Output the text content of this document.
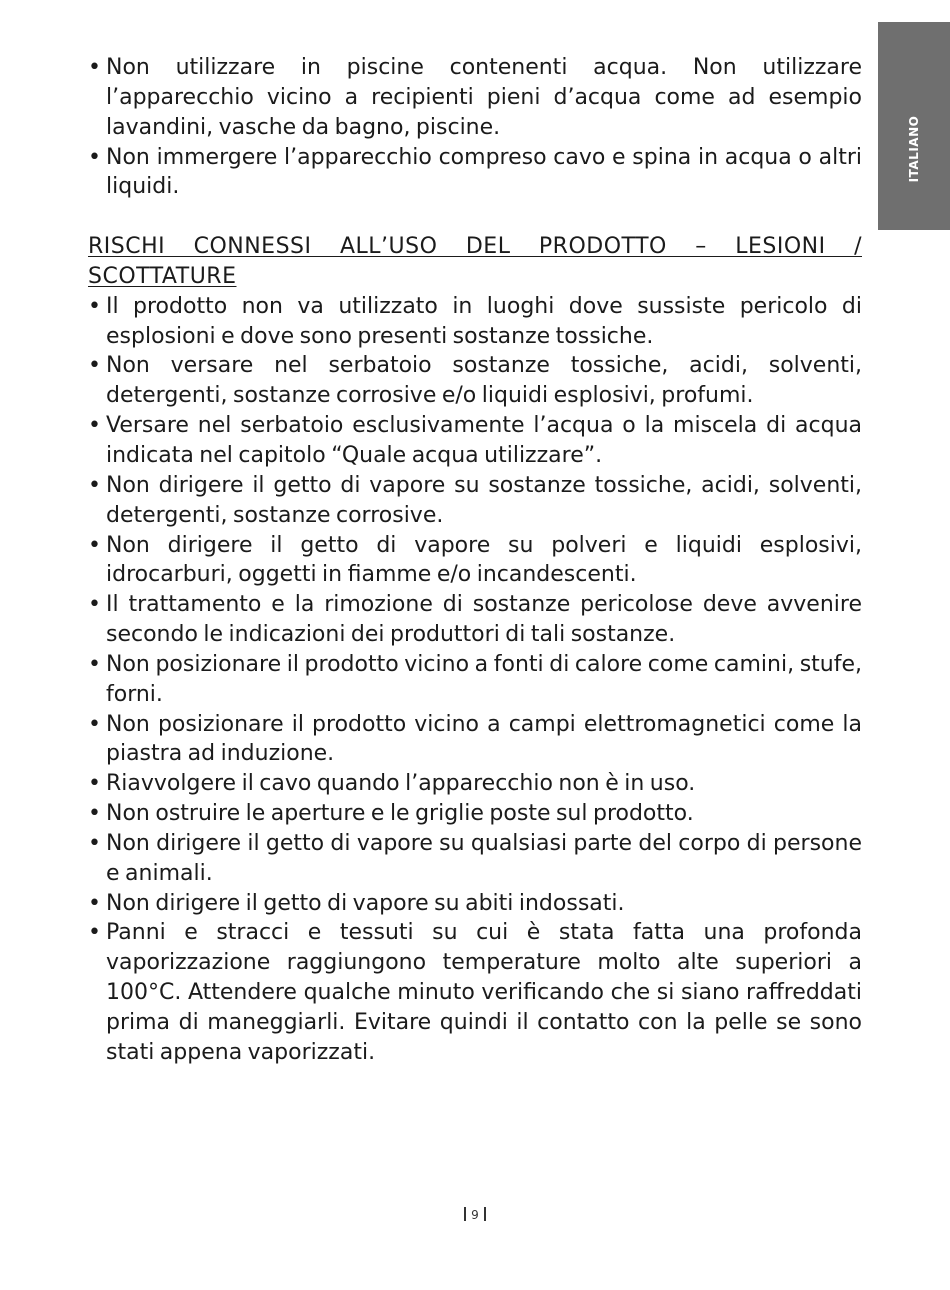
ITALIANO
• Non utilizzare in piscine contenenti acqua. Non utilizzare l’apparecchio vicino a recipienti pieni d’acqua come ad esempio lavandini, vasche da bagno, piscine.
• Non immergere l’apparecchio compreso cavo e spina in acqua o altri liquidi.
RISCHI CONNESSI ALL’USO DEL PRODOTTO – LESIONI / SCOTTATURE
• Il prodotto non va utilizzato in luoghi dove sussiste pericolo di esplosioni e dove sono presenti sostanze tossiche.
• Non versare nel serbatoio sostanze tossiche, acidi, solventi, detergenti, sostanze corrosive e/o liquidi esplosivi, profumi.
• Versare nel serbatoio esclusivamente l’acqua o la miscela di acqua indicata nel capitolo “Quale acqua utilizzare”.
• Non dirigere il getto di vapore su sostanze tossiche, acidi, solventi, detergenti, sostanze corrosive.
• Non dirigere il getto di vapore su polveri e liquidi esplosivi, idrocarburi, oggetti in fiamme e/o incandescenti.
• Il trattamento e la rimozione di sostanze pericolose deve avvenire secondo le indicazioni dei produttori di tali sostanze.
• Non posizionare il prodotto vicino a fonti di calore come camini, stufe, forni.
• Non posizionare il prodotto vicino a campi elettromagnetici come la piastra ad induzione.
• Riavvolgere il cavo quando l’apparecchio non è in uso.
• Non ostruire le aperture e le griglie poste sul prodotto.
• Non dirigere il getto di vapore su qualsiasi parte del corpo di persone e animali.
• Non dirigere il getto di vapore su abiti indossati.
• Panni e stracci e tessuti su cui è stata fatta una profonda vaporizzazione raggiungono temperature molto alte superiori a 100°C. Attendere qualche minuto verificando che si siano raffreddati prima di maneggiarli. Evitare quindi il contatto con la pelle se sono stati appena vaporizzati.
9
